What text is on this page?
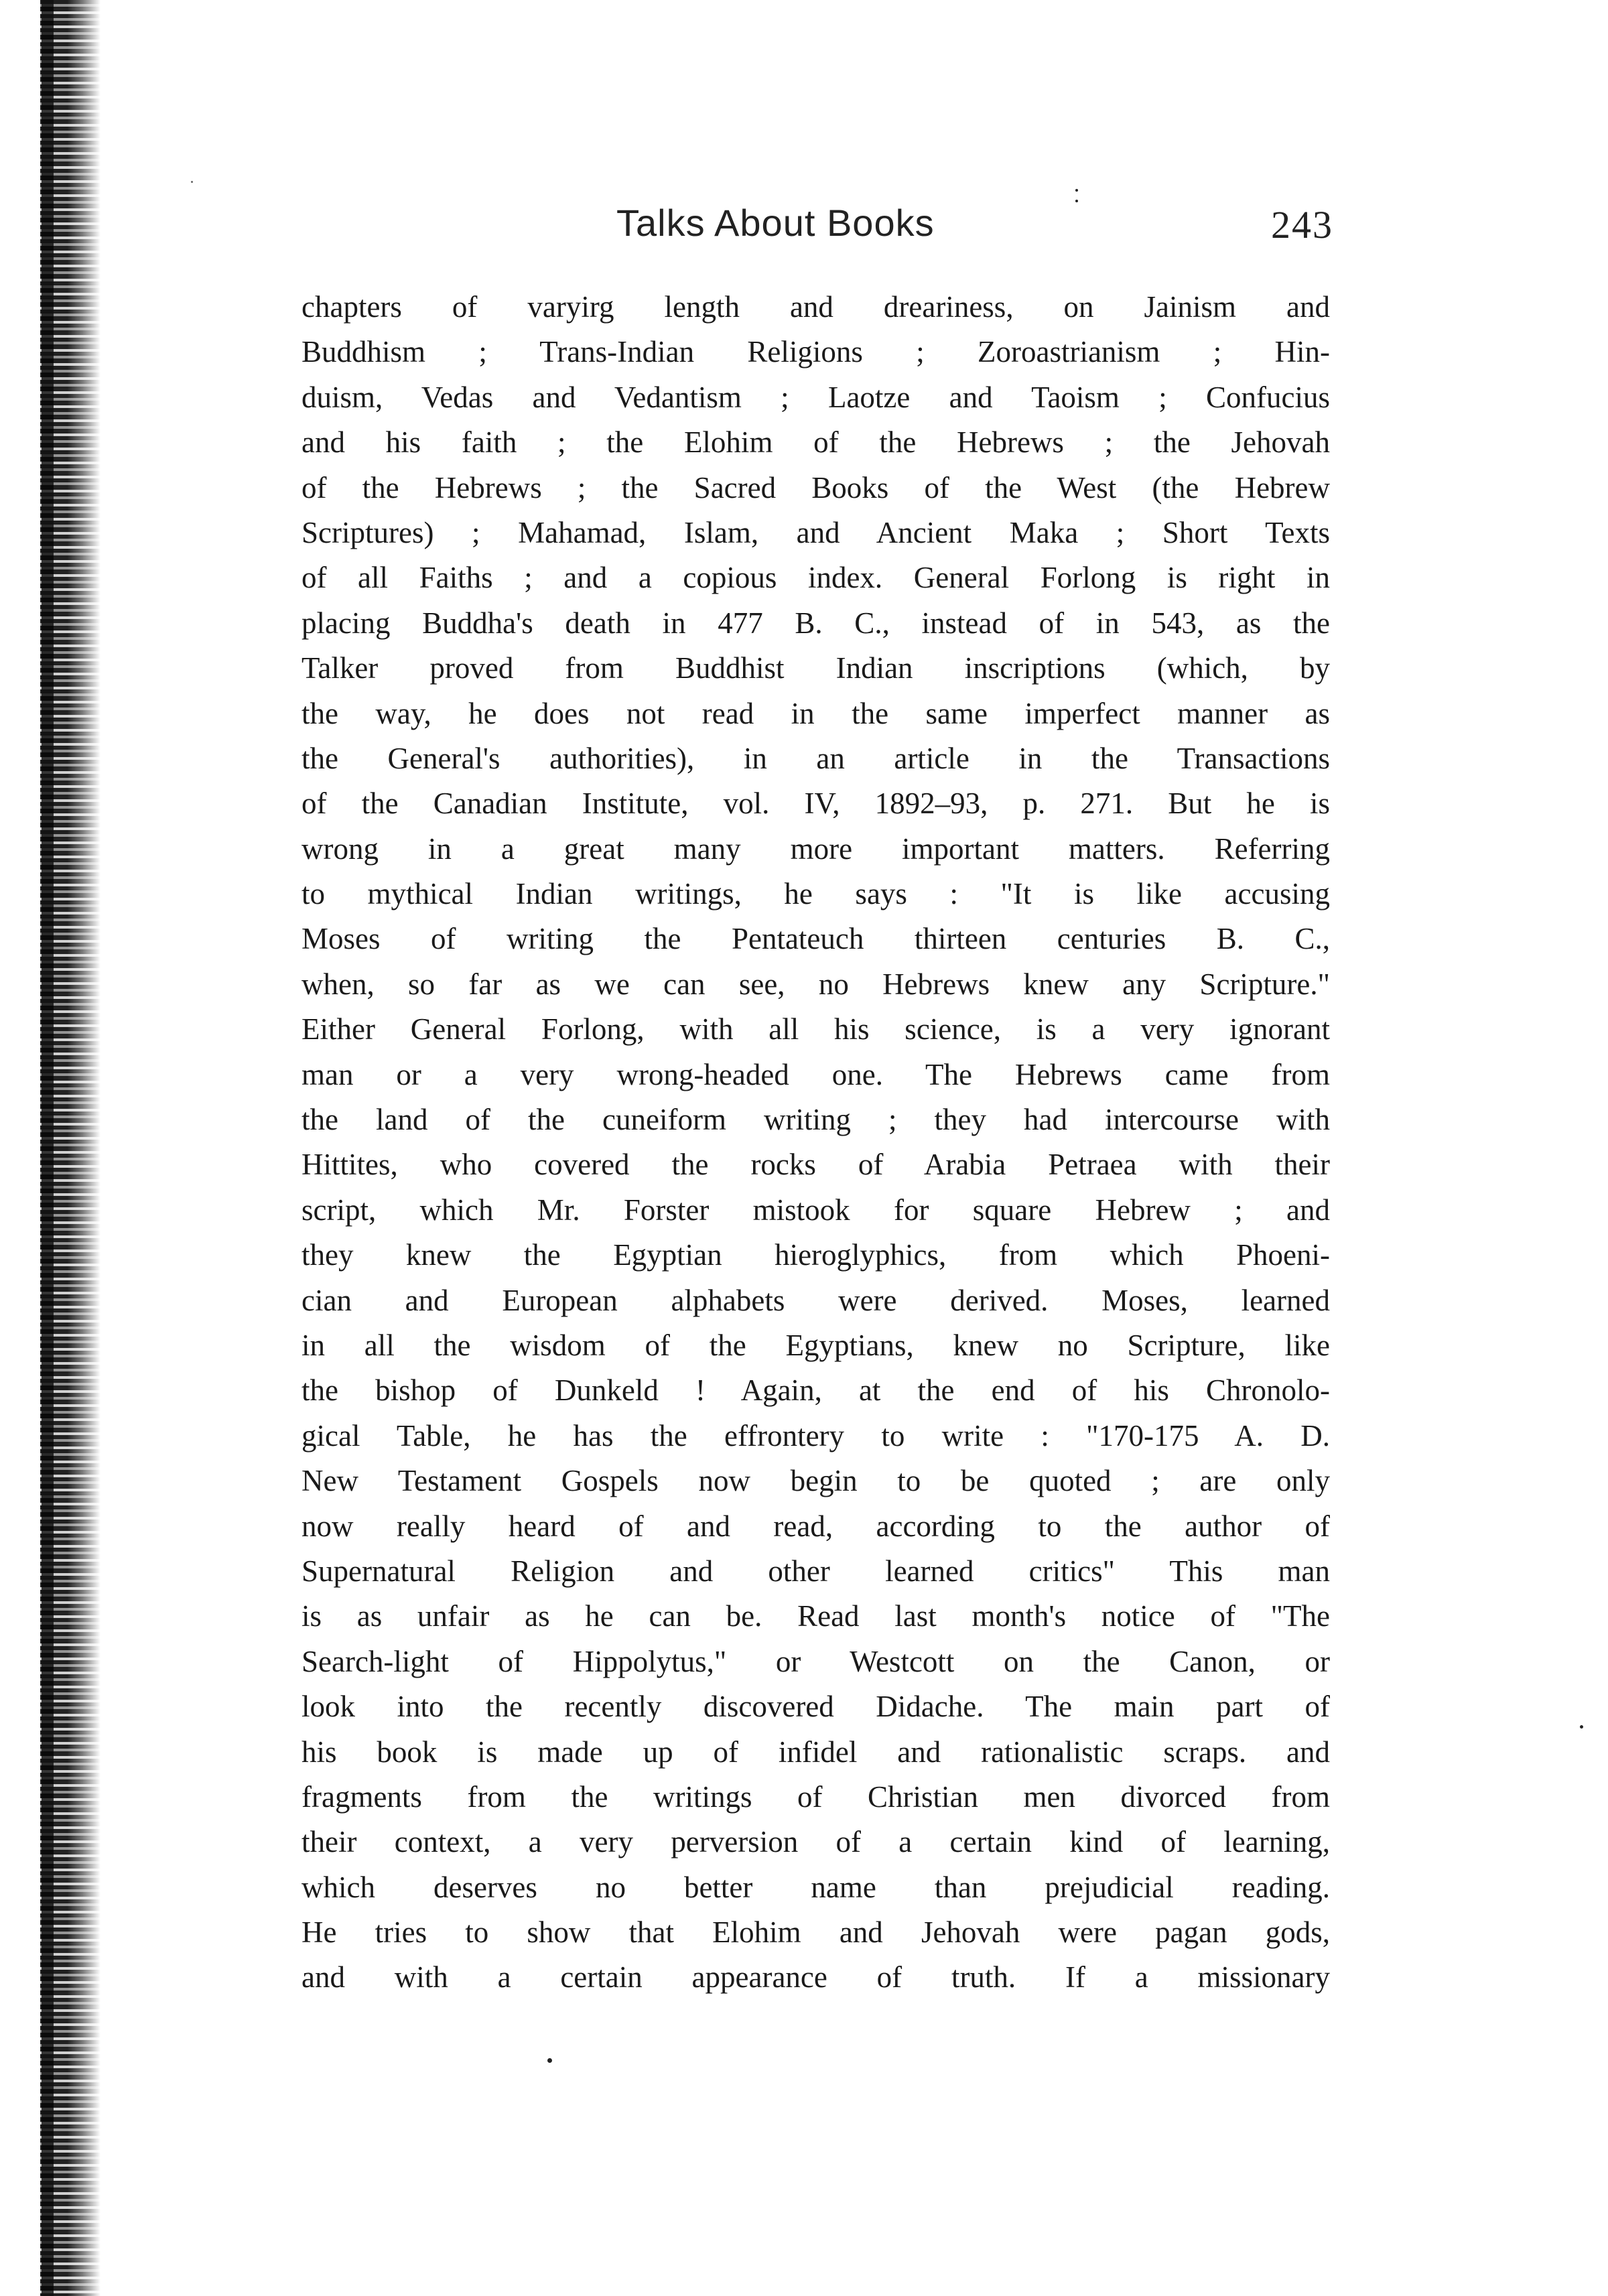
Talks About Books	243
chapters of varyirg length and dreariness, on Jainism and
Buddhism ; Trans-Indian Religions ; Zoroastrianism ; Hin-
duism, Vedas and Vedantism ; Laotze and Taoism ; Confucius
and his faith ; the Elohim of the Hebrews ; the Jehovah
of the Hebrews ; the Sacred Books of the West (the Hebrew
Scriptures) ; Mahamad, Islam, and Ancient Maka ; Short Texts
of all Faiths ; and a copious index. General Forlong is right in
placing Buddha's death in 477 B. C., instead of in 543, as the
Talker proved from Buddhist Indian inscriptions (which, by
the way, he does not read in the same imperfect manner as
the General's authorities), in an article in the Transactions
of the Canadian Institute, vol. IV, 1892–93, p. 271. But he is
wrong in a great many more important matters. Referring
to mythical Indian writings, he says : "It is like accusing
Moses of writing the Pentateuch thirteen centuries B. C.,
when, so far as we can see, no Hebrews knew any Scripture."
Either General Forlong, with all his science, is a very ignorant
man or a very wrong-headed one. The Hebrews came from
the land of the cuneiform writing ; they had intercourse with
Hittites, who covered the rocks of Arabia Petraea with their
script, which Mr. Forster mistook for square Hebrew ; and
they knew the Egyptian hieroglyphics, from which Phoeni-
cian and European alphabets were derived. Moses, learned
in all the wisdom of the Egyptians, knew no Scripture, like
the bishop of Dunkeld ! Again, at the end of his Chronolo-
gical Table, he has the effrontery to write : "170-175 A. D.
New Testament Gospels now begin to be quoted ; are only
now really heard of and read, according to the author of
Supernatural Religion and other learned critics" This man
is as unfair as he can be. Read last month's notice of "The
Search-light of Hippolytus," or Westcott on the Canon, or
look into the recently discovered Didache. The main part of
his book is made up of infidel and rationalistic scraps. and
fragments from the writings of Christian men divorced from
their context, a very perversion of a certain kind of learning,
which deserves no better name than prejudicial reading.
He tries to show that Elohim and Jehovah were pagan gods,
and with a certain appearance of truth. If a missionary
